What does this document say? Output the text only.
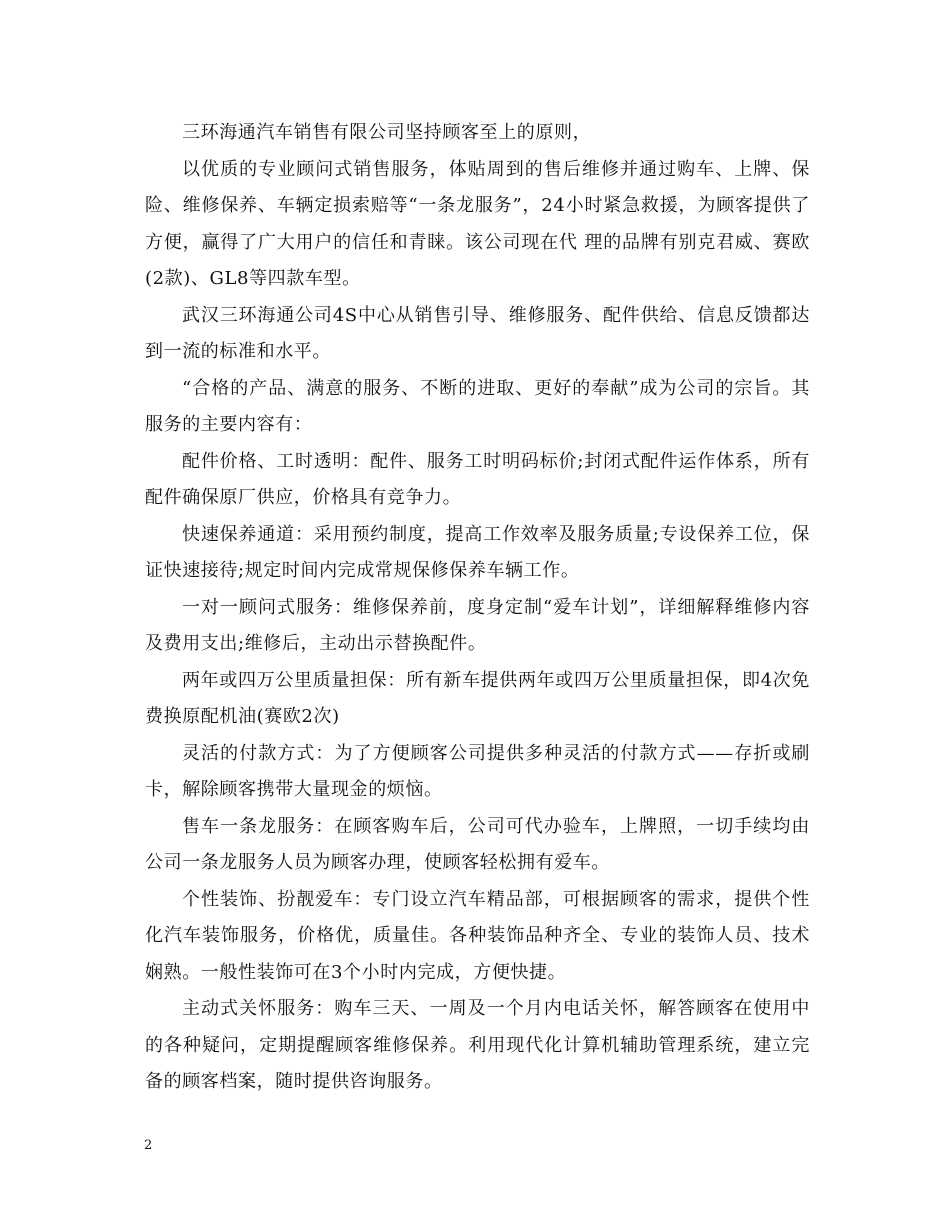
三环海通汽车销售有限公司坚持顾客至上的原则，

以优质的专业顾问式销售服务，体贴周到的售后维修并通过购车、上牌、保险、维修保养、车辆定损索赔等“一条龙服务”，24小时紧急救援，为顾客提供了方便，赢得了广大用户的信任和青睐。该公司现在代 理的品牌有别克君威、赛欧(2款)、GL8等四款车型。

武汉三环海通公司4S中心从销售引导、维修服务、配件供给、信息反馈都达到一流的标准和水平。

“合格的产品、满意的服务、不断的进取、更好的奉献”成为公司的宗旨。其服务的主要内容有：

配件价格、工时透明：配件、服务工时明码标价;封闭式配件运作体系，所有配件确保原厂供应，价格具有竞争力。

快速保养通道：采用预约制度，提高工作效率及服务质量;专设保养工位，保证快速接待;规定时间内完成常规保修保养车辆工作。

一对一顾问式服务：维修保养前，度身定制“爱车计划”，详细解释维修内容及费用支出;维修后，主动出示替换配件。

两年或四万公里质量担保：所有新车提供两年或四万公里质量担保，即4次免费换原配机油(赛欧2次)

灵活的付款方式：为了方便顾客公司提供多种灵活的付款方式——存折或刷卡，解除顾客携带大量现金的烦恼。

售车一条龙服务：在顾客购车后，公司可代办验车，上牌照，一切手续均由公司一条龙服务人员为顾客办理，使顾客轻松拥有爱车。

个性装饰、扮靓爱车：专门设立汽车精品部，可根据顾客的需求，提供个性化汽车装饰服务，价格优，质量佳。各种装饰品种齐全、专业的装饰人员、技术娴熟。一般性装饰可在3个小时内完成，方便快捷。

主动式关怀服务：购车三天、一周及一个月内电话关怀，解答顾客在使用中的各种疑问，定期提醒顾客维修保养。利用现代化计算机辅助管理系统，建立完备的顾客档案，随时提供咨询服务。

2
